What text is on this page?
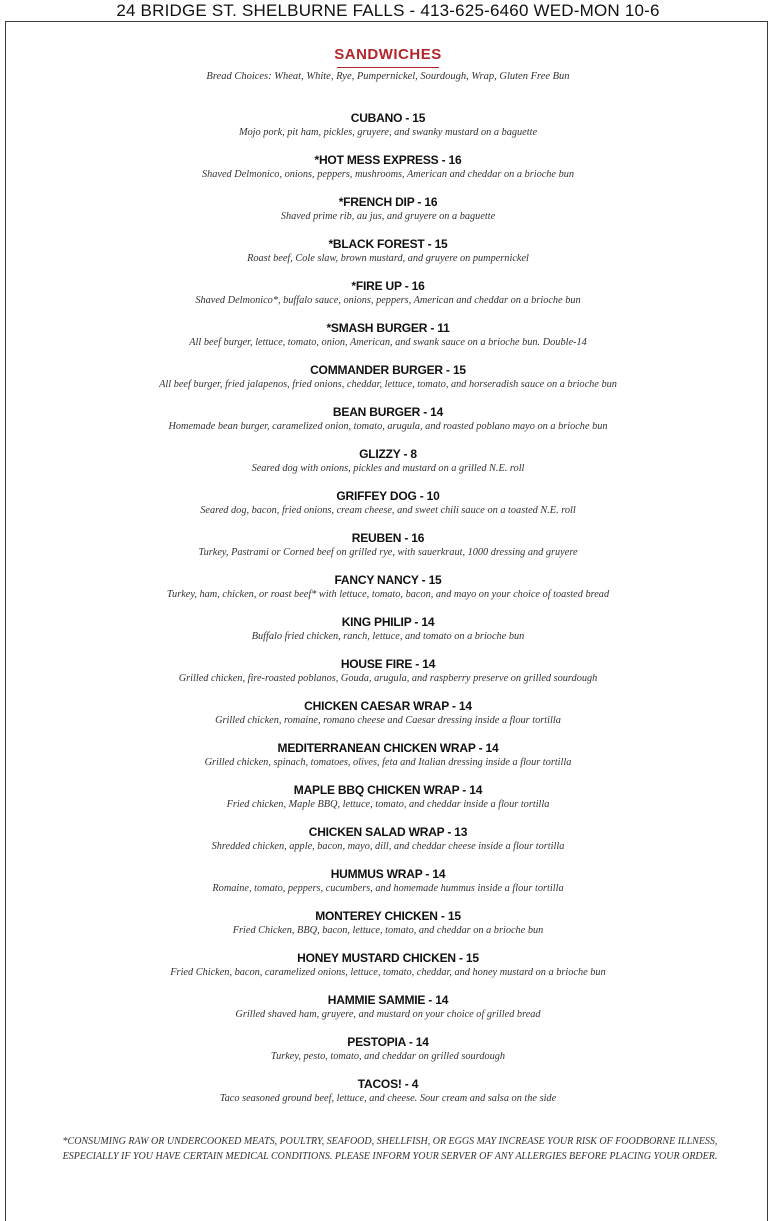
24 BRIDGE ST. SHELBURNE FALLS - 413-625-6460 WED-MON 10-6
SANDWICHES
Bread Choices: Wheat, White, Rye, Pumpernickel, Sourdough, Wrap, Gluten Free Bun
CUBANO - 15
Mojo pork, pit ham, pickles, gruyere, and swanky mustard on a baguette
*HOT MESS EXPRESS - 16
Shaved Delmonico, onions, peppers, mushrooms, American and cheddar on a brioche bun
*FRENCH DIP - 16
Shaved prime rib, au jus, and gruyere on a baguette
*BLACK FOREST - 15
Roast beef, Cole slaw, brown mustard, and gruyere on pumpernickel
*FIRE UP - 16
Shaved Delmonico*, buffalo sauce, onions, peppers, American and cheddar on a brioche bun
*SMASH BURGER - 11
All beef burger, lettuce, tomato, onion, American, and swank sauce on a brioche bun. Double-14
COMMANDER BURGER - 15
All beef burger, fried jalapenos, fried onions, cheddar, lettuce, tomato, and horseradish sauce on a brioche bun
BEAN BURGER - 14
Homemade bean burger, caramelized onion, tomato, arugula, and roasted poblano mayo on a brioche bun
GLIZZY - 8
Seared dog with onions, pickles and mustard on a grilled N.E. roll
GRIFFEY DOG - 10
Seared dog, bacon, fried onions, cream cheese, and sweet chili sauce on a toasted N.E. roll
REUBEN - 16
Turkey, Pastrami or Corned beef on grilled rye, with sauerkraut, 1000 dressing and gruyere
FANCY NANCY - 15
Turkey, ham, chicken, or roast beef* with lettuce, tomato, bacon, and mayo on your choice of toasted bread
KING PHILIP - 14
Buffalo fried chicken, ranch, lettuce, and tomato on a brioche bun
HOUSE FIRE - 14
Grilled chicken, fire-roasted poblanos, Gouda, arugula, and raspberry preserve on grilled sourdough
CHICKEN CAESAR WRAP - 14
Grilled chicken, romaine, romano cheese and Caesar dressing inside a flour tortilla
MEDITERRANEAN CHICKEN WRAP - 14
Grilled chicken, spinach, tomatoes, olives, feta and Italian dressing inside a flour tortilla
MAPLE BBQ CHICKEN WRAP - 14
Fried chicken, Maple BBQ, lettuce, tomato, and cheddar inside a flour tortilla
CHICKEN SALAD WRAP - 13
Shredded chicken, apple, bacon, mayo, dill, and cheddar cheese inside a flour tortilla
HUMMUS WRAP - 14
Romaine, tomato, peppers, cucumbers, and homemade hummus inside a flour tortilla
MONTEREY CHICKEN - 15
Fried Chicken, BBQ, bacon, lettuce, tomato, and cheddar on a brioche bun
HONEY MUSTARD CHICKEN - 15
Fried Chicken, bacon, caramelized onions, lettuce, tomato, cheddar, and honey mustard on a brioche bun
HAMMIE SAMMIE - 14
Grilled shaved ham, gruyere, and mustard on your choice of grilled bread
PESTOPIA - 14
Turkey, pesto, tomato, and cheddar on grilled sourdough
TACOS! - 4
Taco seasoned ground beef, lettuce, and cheese. Sour cream and salsa on the side
*CONSUMING RAW OR UNDERCOOKED MEATS, POULTRY, SEAFOOD, SHELLFISH, OR EGGS MAY INCREASE YOUR RISK OF FOODBORNE ILLNESS, ESPECIALLY IF YOU HAVE CERTAIN MEDICAL CONDITIONS. PLEASE INFORM YOUR SERVER OF ANY ALLERGIES BEFORE PLACING YOUR ORDER.
